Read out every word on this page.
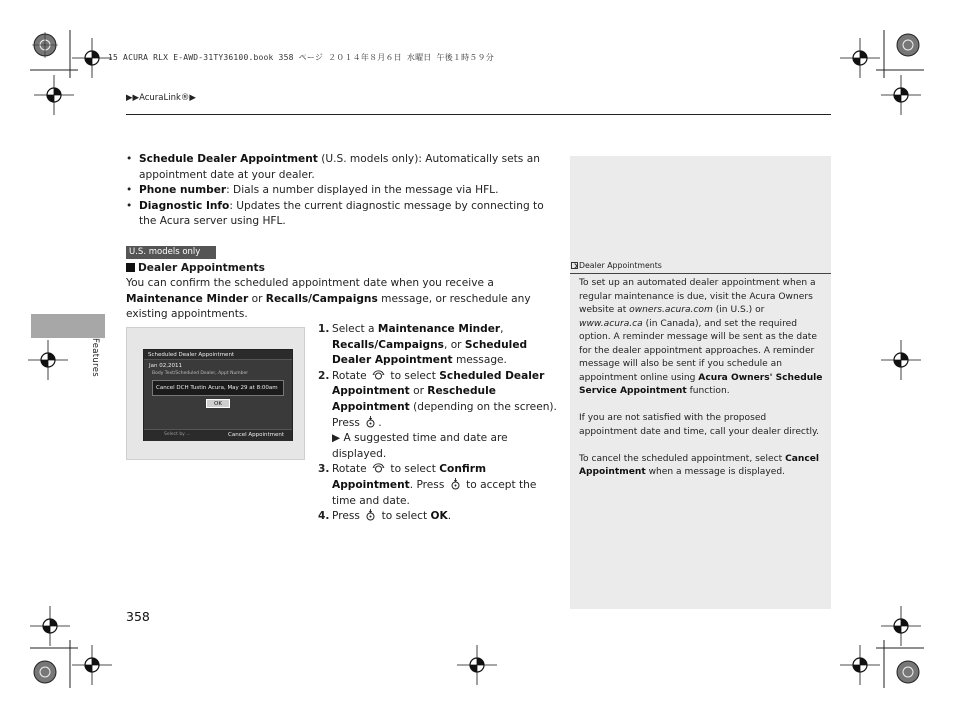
15 ACURA RLX E-AWD-31TY36100.book 358 ページ ２０１４年８月６日 水曜日 午後１時５９分
▶▶AcuraLink®▶
Features
• Schedule Dealer Appointment (U.S. models only): Automatically sets an appointment date at your dealer.
• Phone number: Dials a number displayed in the message via HFL.
• Diagnostic Info: Updates the current diagnostic message by connecting to the Acura server using HFL.
U.S. models only
Dealer Appointments
You can confirm the scheduled appointment date when you receive a Maintenance Minder or Recalls/Campaigns message, or reschedule any existing appointments.
Scheduled Dealer Appointment
Jan 02,2011
Body Text/Scheduled Dealer, Appt Number
Cancel DCH Tustin Acura, May 29 at 8:00am
OK
Select by ...	Cancel Appointment
1. Select a Maintenance Minder, Recalls/Campaigns, or Scheduled Dealer Appointment message.
2. Rotate  to select Scheduled Dealer Appointment or Reschedule Appointment (depending on the screen). Press .
▶ A suggested time and date are displayed.
3. Rotate  to select Confirm Appointment. Press  to accept the time and date.
4. Press  to select OK.
358
Dealer Appointments

To set up an automated dealer appointment when a regular maintenance is due, visit the Acura Owners website at owners.acura.com (in U.S.) or www.acura.ca (in Canada), and set the required option. A reminder message will be sent as the date for the dealer appointment approaches. A reminder message will also be sent if you schedule an appointment online using Acura Owners' Schedule Service Appointment function.

If you are not satisfied with the proposed appointment date and time, call your dealer directly.

To cancel the scheduled appointment, select Cancel Appointment when a message is displayed.
